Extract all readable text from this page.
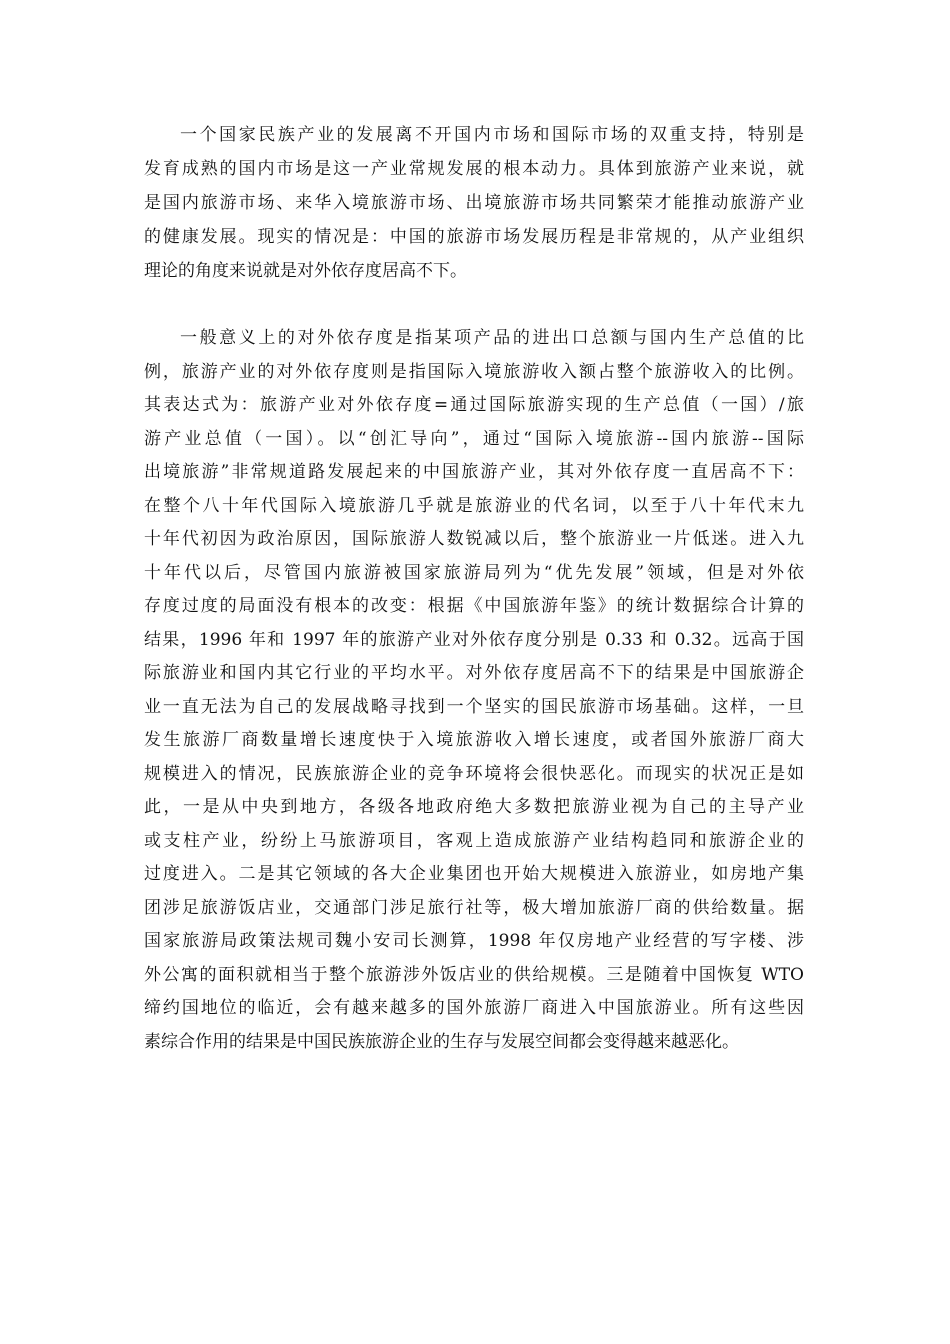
一个国家民族产业的发展离不开国内市场和国际市场的双重支持，特别是
发育成熟的国内市场是这一产业常规发展的根本动力。具体到旅游产业来说，就
是国内旅游市场、来华入境旅游市场、出境旅游市场共同繁荣才能推动旅游产业
的健康发展。现实的情况是：中国的旅游市场发展历程是非常规的，从产业组织
理论的角度来说就是对外依存度居高不下。
一般意义上的对外依存度是指某项产品的进出口总额与国内生产总值的比
例，旅游产业的对外依存度则是指国际入境旅游收入额占整个旅游收入的比例。
其表达式为：旅游产业对外依存度=通过国际旅游实现的生产总值（一国）/旅
游产业总值（一国）。以“创汇导向”，通过“国际入境旅游--国内旅游--国际
出境旅游”非常规道路发展起来的中国旅游产业，其对外依存度一直居高不下：
在整个八十年代国际入境旅游几乎就是旅游业的代名词，以至于八十年代末九
十年代初因为政治原因，国际旅游人数锐减以后，整个旅游业一片低迷。进入九
十年代以后，尽管国内旅游被国家旅游局列为“优先发展”领域，但是对外依
存度过度的局面没有根本的改变：根据《中国旅游年鉴》的统计数据综合计算的
结果，1996 年和 1997 年的旅游产业对外依存度分别是 0.33 和 0.32。远高于国
际旅游业和国内其它行业的平均水平。对外依存度居高不下的结果是中国旅游企
业一直无法为自己的发展战略寻找到一个坚实的国民旅游市场基础。这样，一旦
发生旅游厂商数量增长速度快于入境旅游收入增长速度，或者国外旅游厂商大
规模进入的情况，民族旅游企业的竞争环境将会很快恶化。而现实的状况正是如
此，一是从中央到地方，各级各地政府绝大多数把旅游业视为自己的主导产业
或支柱产业，纷纷上马旅游项目，客观上造成旅游产业结构趋同和旅游企业的
过度进入。二是其它领域的各大企业集团也开始大规模进入旅游业，如房地产集
团涉足旅游饭店业，交通部门涉足旅行社等，极大增加旅游厂商的供给数量。据
国家旅游局政策法规司魏小安司长测算，1998 年仅房地产业经营的写字楼、涉
外公寓的面积就相当于整个旅游涉外饭店业的供给规模。三是随着中国恢复 WTO
缔约国地位的临近，会有越来越多的国外旅游厂商进入中国旅游业。所有这些因
素综合作用的结果是中国民族旅游企业的生存与发展空间都会变得越来越恶化。
